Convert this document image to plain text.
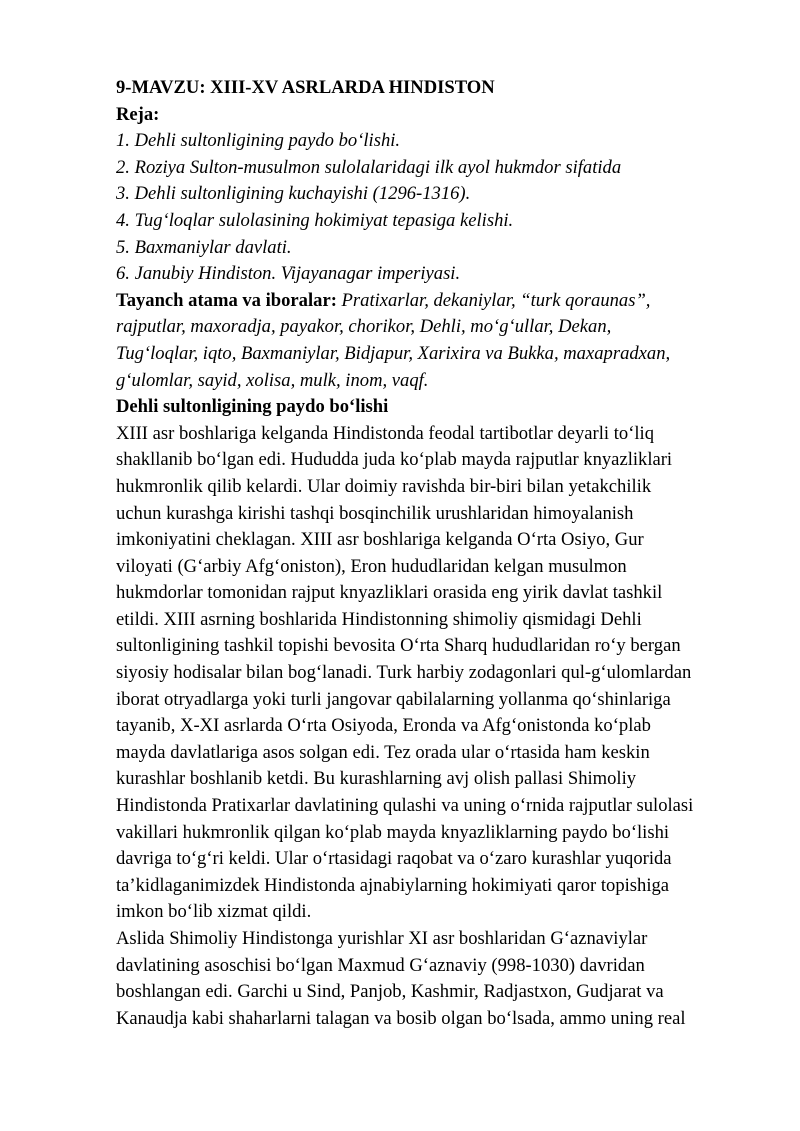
9-MAVZU: XIII-XV ASRLARDA HINDISTON
Reja:
1. Dehli sultonligining paydo bo‘lishi.
2. Roziya Sulton-musulmon sulolalaridagi ilk ayol hukmdor sifatida
3. Dehli sultonligining kuchayishi (1296-1316).
4. Tug‘loqlar sulolasining hokimiyat tepasiga kelishi.
5. Baxmaniylar davlati.
6. Janubiy Hindiston. Vijayanagar imperiyasi.
Tayanch atama va iboralar: Pratixarlar, dekaniylar, “turk qoraunas”,
rajputlar, maxoradja, payakor, chorikor, Dehli, mo‘g‘ullar, Dekan,
Tug‘loqlar, iqto, Baxmaniylar, Bidjapur, Xarixira va Bukka, maxapradxan,
g‘ulomlar, sayid, xolisa, mulk, inom, vaqf.
Dehli sultonligining paydo bo‘lishi
XIII asr boshlariga kelganda Hindistonda feodal tartibotlar deyarli to‘liq
shakllanib bo‘lgan edi. Hududda juda ko‘plab mayda rajputlar knyazliklari
hukmronlik qilib kelardi. Ular doimiy ravishda bir-biri bilan yetakchilik
uchun kurashga kirishi tashqi bosqinchilik urushlaridan himoyalanish
imkoniyatini cheklagan. XIII asr boshlariga kelganda O‘rta Osiyo, Gur
viloyati (G‘arbiy Afg‘oniston), Eron hududlaridan kelgan musulmon
hukmdorlar tomonidan rajput knyazliklari orasida eng yirik davlat tashkil
etildi. XIII asrning boshlarida Hindistonning shimoliy qismidagi Dehli
sultonligining tashkil topishi bevosita O‘rta Sharq hududlaridan ro‘y bergan
siyosiy hodisalar bilan bog‘lanadi. Turk harbiy zodagonlari qul-g‘ulomlardan
iborat otryadlarga yoki turli jangovar qabilalarning yollanma qo‘shinlariga
tayanib, X-XI asrlarda O‘rta Osiyoda, Eronda va Afg‘onistonda ko‘plab
mayda davlatlariga asos solgan edi. Tez orada ular o‘rtasida ham keskin
kurashlar boshlanib ketdi. Bu kurashlarning avj olish pallasi Shimoliy
Hindistonda Pratixarlar davlatining qulashi va uning o‘rnida rajputlar sulolasi
vakillari hukmronlik qilgan ko‘plab mayda knyazliklarning paydo bo‘lishi
davriga to‘g‘ri keldi. Ular o‘rtasidagi raqobat va o‘zaro kurashlar yuqorida
ta’kidlaganimizdek Hindistonda ajnabiylarning hokimiyati qaror topishiga
imkon bo‘lib xizmat qildi.
Aslida Shimoliy Hindistonga yurishlar XI asr boshlaridan G‘aznaviylar
davlatining asoschisi bo‘lgan Maxmud G‘aznaviy (998-1030) davridan
boshlangan edi. Garchi u Sind, Panjob, Kashmir, Radjastxon, Gudjarat va
Kanaudja kabi shaharlarni talagan va bosib olgan bo‘lsada, ammo uning real
